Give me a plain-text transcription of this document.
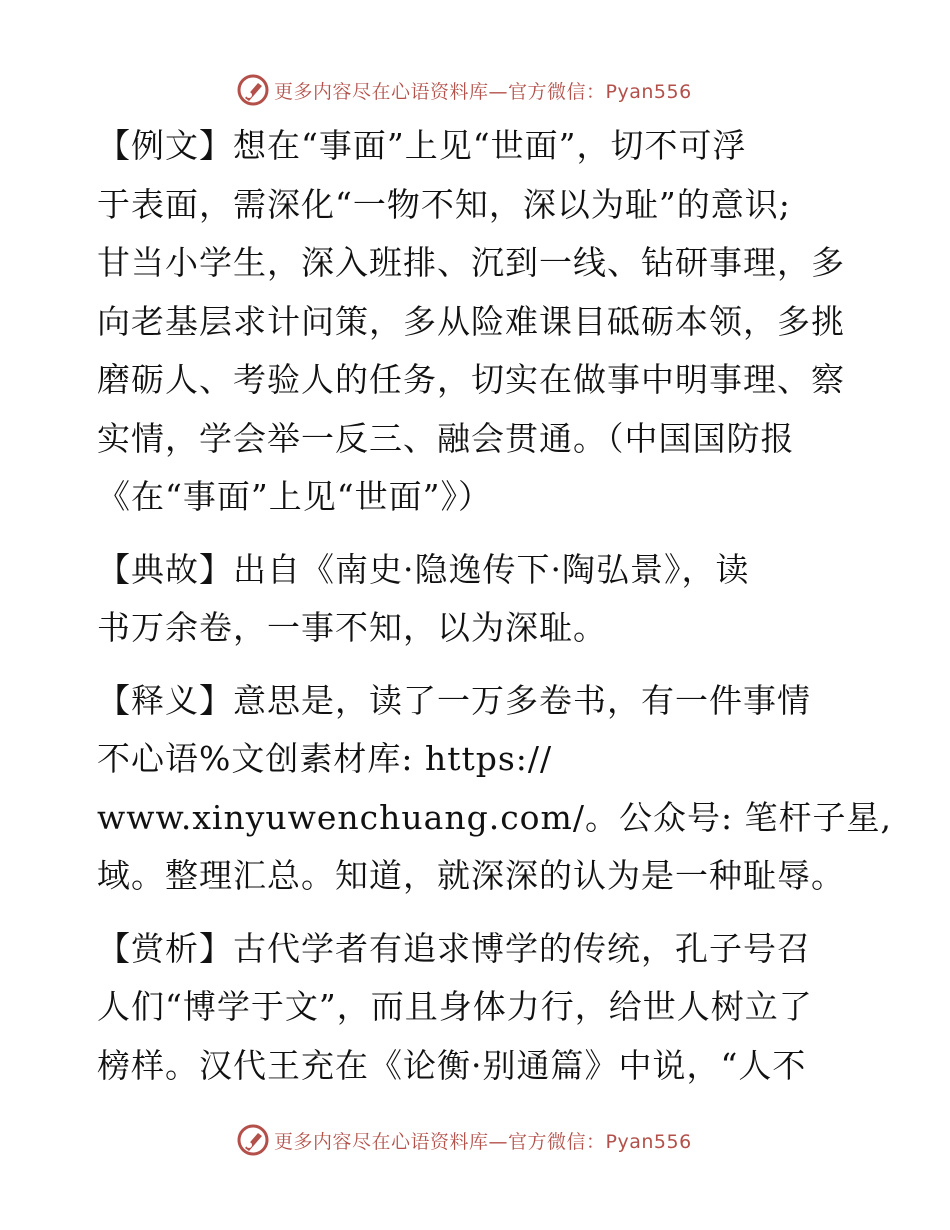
更多内容尽在心语资料库—官方微信：Pyan556
【例文】想在“事面”上见“世面”，切不可浮
于表面，需深化“一物不知，深以为耻”的意识;
甘当小学生，深入班排、沉到一线、钻研事理，多
向老基层求计问策，多从险难课目砥砺本领，多挑
磨砺人、考验人的任务，切实在做事中明事理、察
实情，学会举一反三、融会贯通。（中国国防报
《在“事面”上见“世面”》）
【典故】出自《南史·隐逸传下·陶弘景》，读
书万余卷，一事不知，以为深耻。
【释义】意思是，读了一万多卷书，有一件事情
不心语%文创素材库: https://
www.xinyuwenchuang.com/。公众号: 笔杆子星,
域。整理汇总。知道，就深深的认为是一种耻辱。
【赏析】古代学者有追求博学的传统，孔子号召
人们“博学于文”，而且身体力行，给世人树立了
榜样。汉代王充在《论衡·别通篇》中说，“人不
更多内容尽在心语资料库—官方微信：Pyan556
